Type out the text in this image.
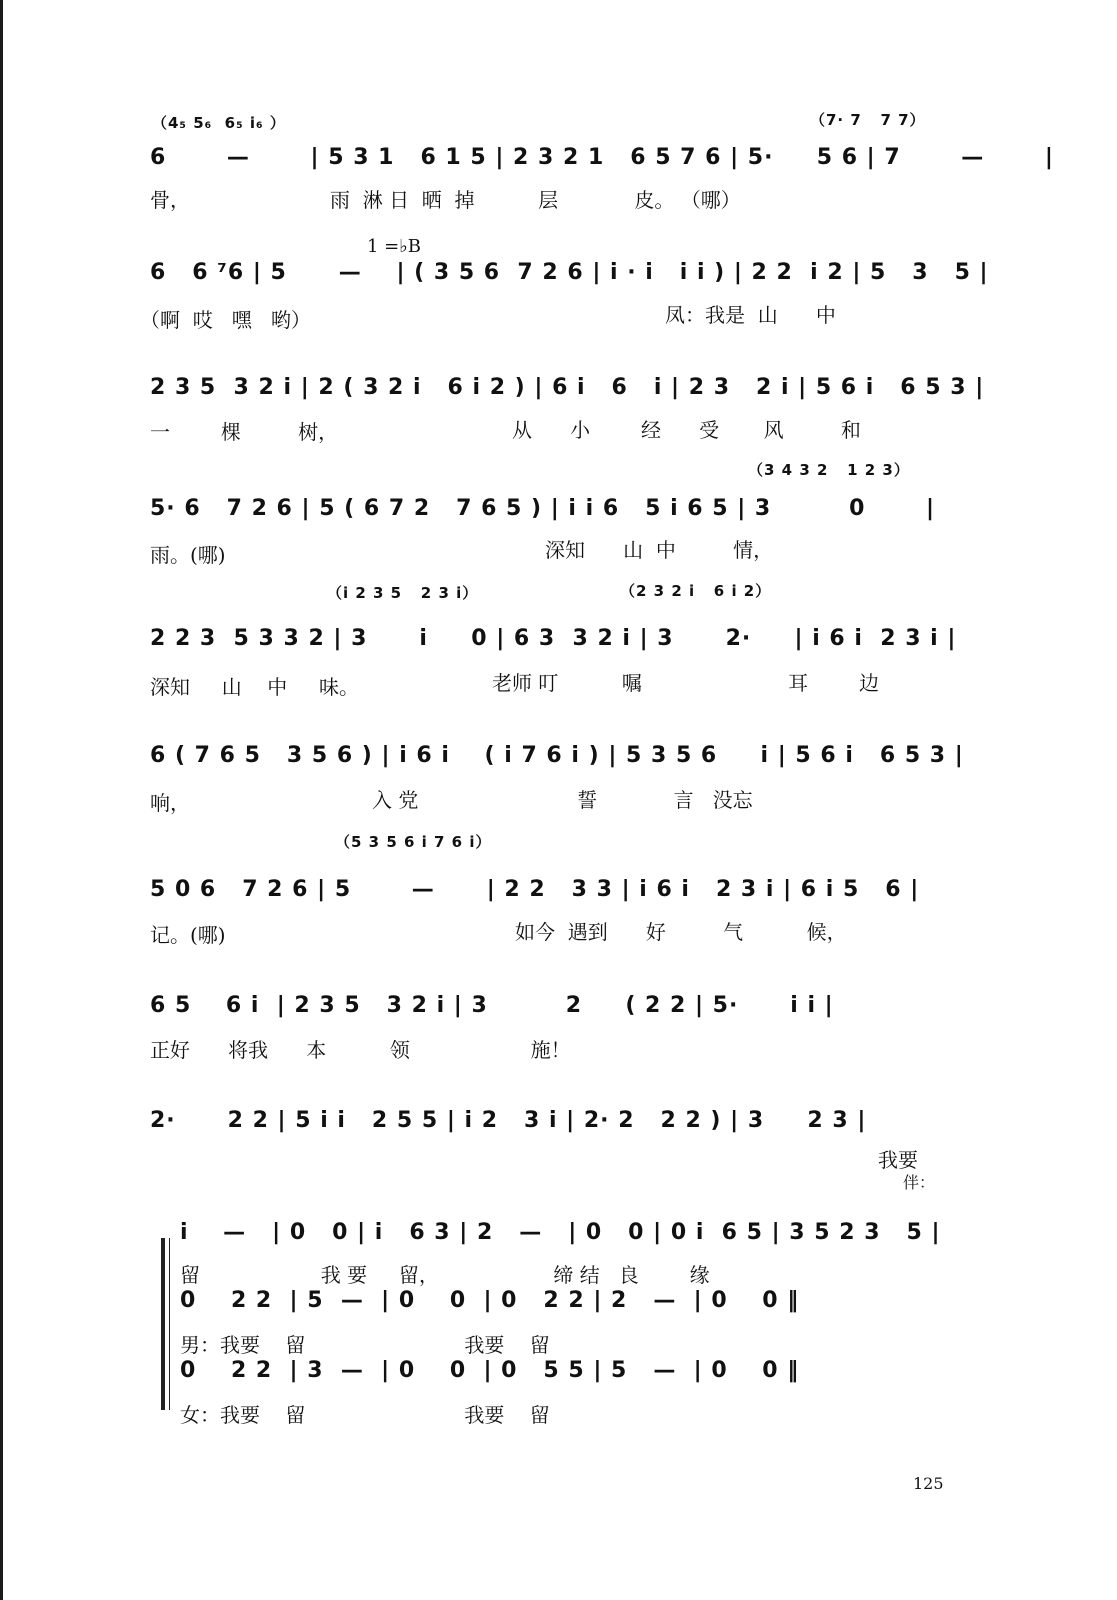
（4₅ 5₆  6₅ i₆ ）	（7· 7   7 7）
6       —       | 5 3 1   6 1 5 | 2 3 2 1   6 5 7 6 | 5·     5 6 | 7       —       |
骨，	雨  淋 日  晒  掉          层            皮。 （哪）
1 =♭B
6   6 ⁷6 | 5      —    | ( 3 5 6  7 2 6 | i · i   i i ) | 2 2  i 2 | 5   3   5 |
（啊  哎   嘿   哟）	凤：我是  山      中
2 3 5  3 2 i | 2 ( 3 2 i   6 i 2 ) | 6 i   6   i | 2 3   2 i | 5 6 i   6 5 3 |
一        棵         树，	从      小        经      受       风         和
（3 4 3 2   1 2 3）
5· 6   7 2 6 | 5 ( 6 7 2   7 6 5 ) | i i 6   5 i 6 5 | 3         0       |
雨。(哪)	深知      山  中         情，
（i 2 3 5   2 3 i）	（2 3 2 i   6 i 2）
2 2 3  5 3 3 2 | 3      i     0 | 6 3  3 2 i | 3      2·     | i 6 i  2 3 i |
深知     山    中     味。	老师 叮          嘱                       耳        边
6 ( 7 6 5   3 5 6 ) | i 6 i    ( i 7 6 i ) | 5 3 5 6     i | 5 6 i   6 5 3 |
响，	入 党                         誓            言   没忘
（5 3 5 6 i 7 6 i）
5 0 6   7 2 6 | 5       —      | 2 2   3 3 | i 6 i   2 3 i | 6 i 5   6 |
记。(哪)	如今  遇到      好         气          候，
6 5    6 i  | 2 3 5   3 2 i | 3         2     ( 2 2 | 5·      i i |
正好      将我      本          领                   施！
2·      2 2 | 5 i i   2 5 5 | i 2   3 i | 2· 2   2 2 ) | 3     2 3 |
我要
伴：
i    —   | 0   0 | i   6 3 | 2   —   | 0   0 | 0 i  6 5 | 3 5 2 3   5 |
留                   我 要     留，                  缔 结   良        缘
0    2 2  | 5  —  | 0    0  | 0   2 2 | 2   —  | 0    0 ‖
男：我要    留                         我要    留
0    2 2  | 3  —  | 0    0  | 0   5 5 | 5   —  | 0    0 ‖
女：我要    留                         我要    留
125
